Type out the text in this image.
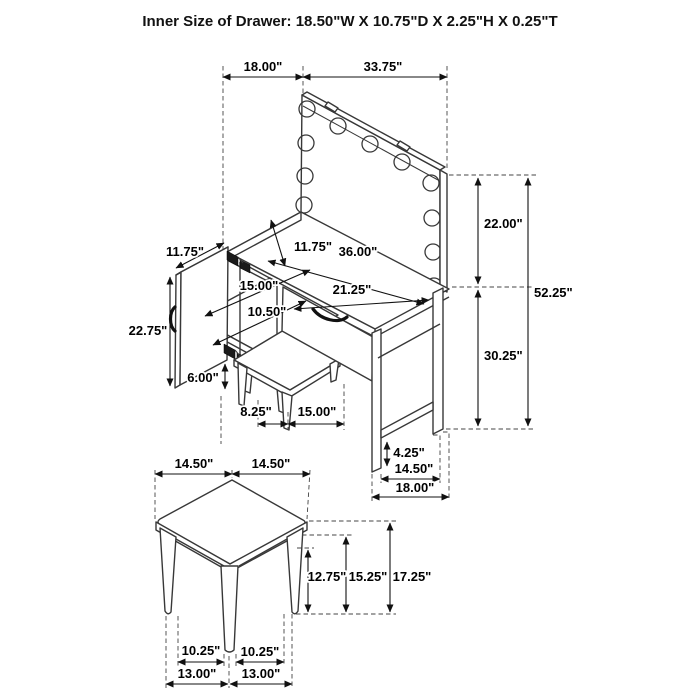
Inner Size of Drawer: 18.50"W X 10.75"D X 2.25"H X 0.25"T
18.00"	33.75"
22.00"
52.25"
30.25"
11.75"	11.75" 36.00"
21.25"
15.00"
10.50"
22.75"
6.00"
8.25" 15.00"
4.25"
14.50"
18.00"
14.50"	14.50"
12.75" 15.25" 17.25"
10.25" 10.25"
13.00" 13.00"
